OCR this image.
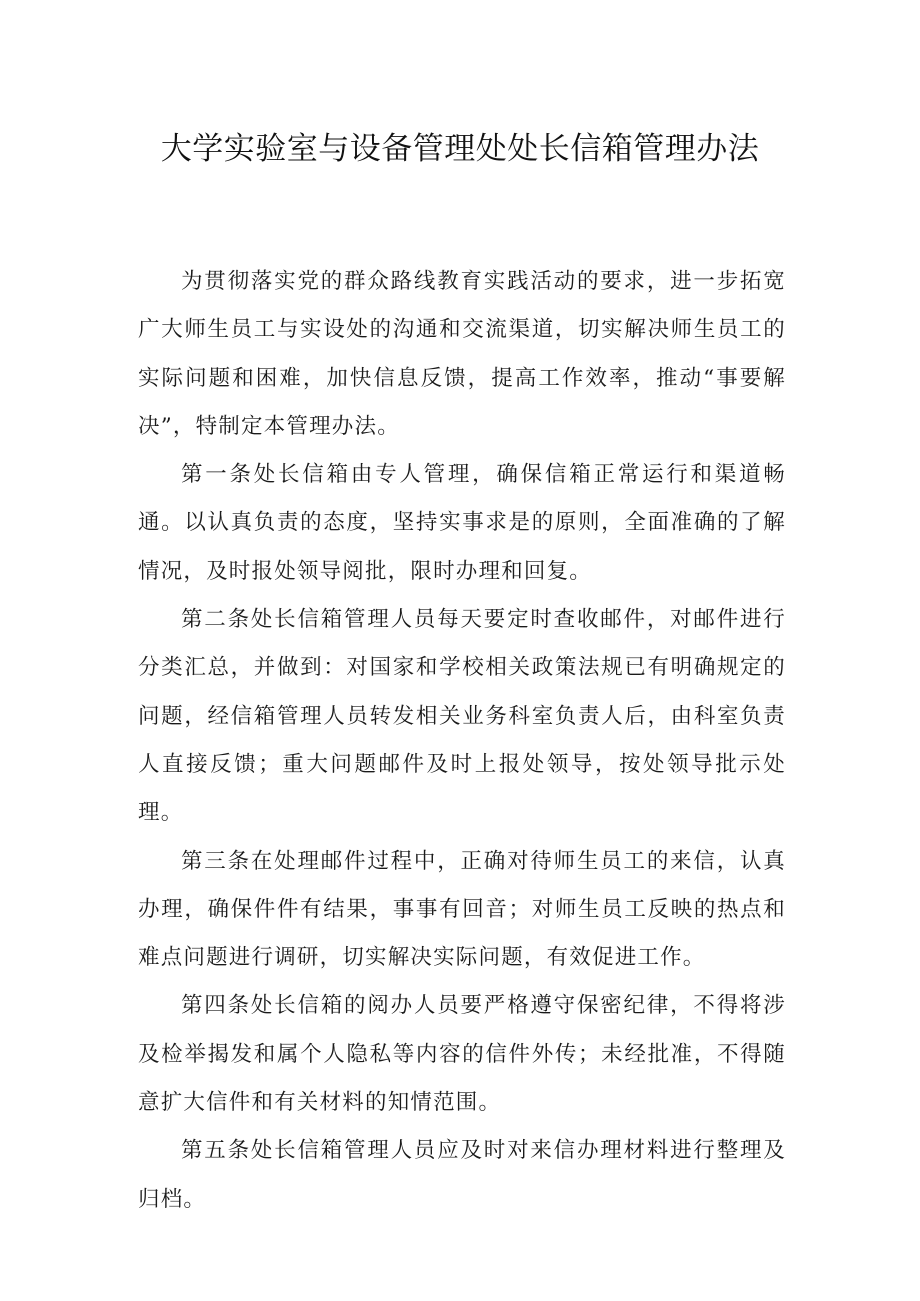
大学实验室与设备管理处处长信箱管理办法

为贯彻落实党的群众路线教育实践活动的要求，进一步拓宽广大师生员工与实设处的沟通和交流渠道，切实解决师生员工的实际问题和困难，加快信息反馈，提高工作效率，推动“事要解决”，特制定本管理办法。

第一条处长信箱由专人管理，确保信箱正常运行和渠道畅通。以认真负责的态度，坚持实事求是的原则，全面准确的了解情况，及时报处领导阅批，限时办理和回复。

第二条处长信箱管理人员每天要定时查收邮件，对邮件进行分类汇总，并做到：对国家和学校相关政策法规已有明确规定的问题，经信箱管理人员转发相关业务科室负责人后，由科室负责人直接反馈；重大问题邮件及时上报处领导，按处领导批示处理。

第三条在处理邮件过程中，正确对待师生员工的来信，认真办理，确保件件有结果，事事有回音；对师生员工反映的热点和难点问题进行调研，切实解决实际问题，有效促进工作。

第四条处长信箱的阅办人员要严格遵守保密纪律，不得将涉及检举揭发和属个人隐私等内容的信件外传；未经批准，不得随意扩大信件和有关材料的知情范围。

第五条处长信箱管理人员应及时对来信办理材料进行整理及归档。
